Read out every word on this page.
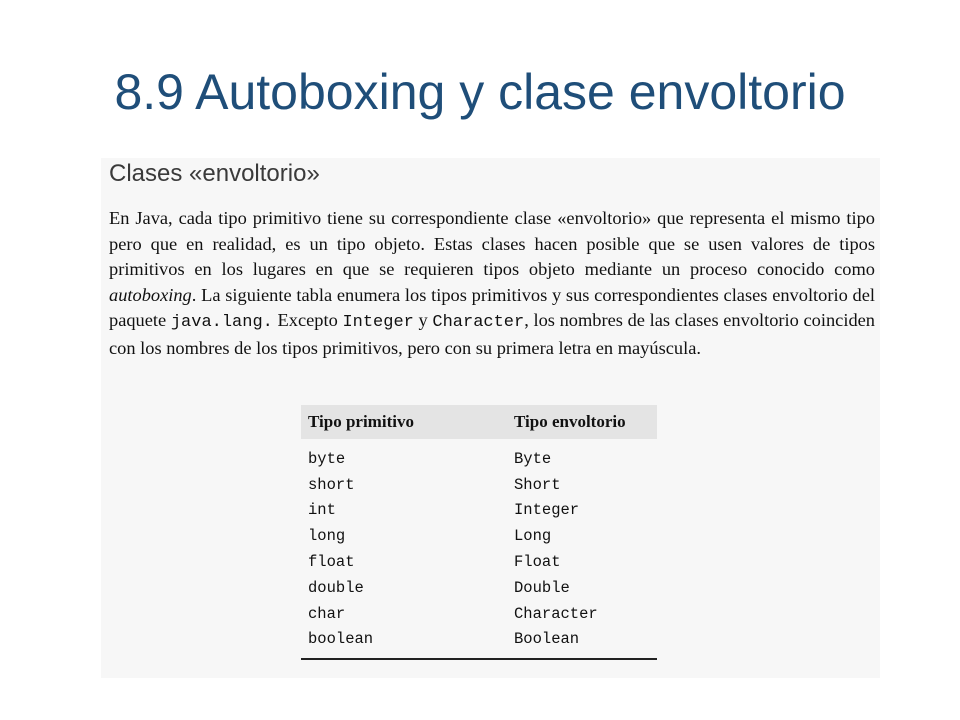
8.9 Autoboxing y clase envoltorio
Clases «envoltorio»

En Java, cada tipo primitivo tiene su correspondiente clase «envoltorio» que representa el mismo tipo pero que en realidad, es un tipo objeto. Estas clases hacen posible que se usen valores de tipos primitivos en los lugares en que se requieren tipos objeto mediante un proceso conocido como autoboxing. La siguiente tabla enumera los tipos primitivos y sus correspondientes clases envoltorio del paquete java.lang. Excepto Integer y Character, los nombres de las clases envoltorio coinciden con los nombres de los tipos primitivos, pero con su primera letra en mayúscula.

Tipo primitivo	Tipo envoltorio
byte	Byte
short	Short
int	Integer
long	Long
float	Float
double	Double
char	Character
boolean	Boolean
